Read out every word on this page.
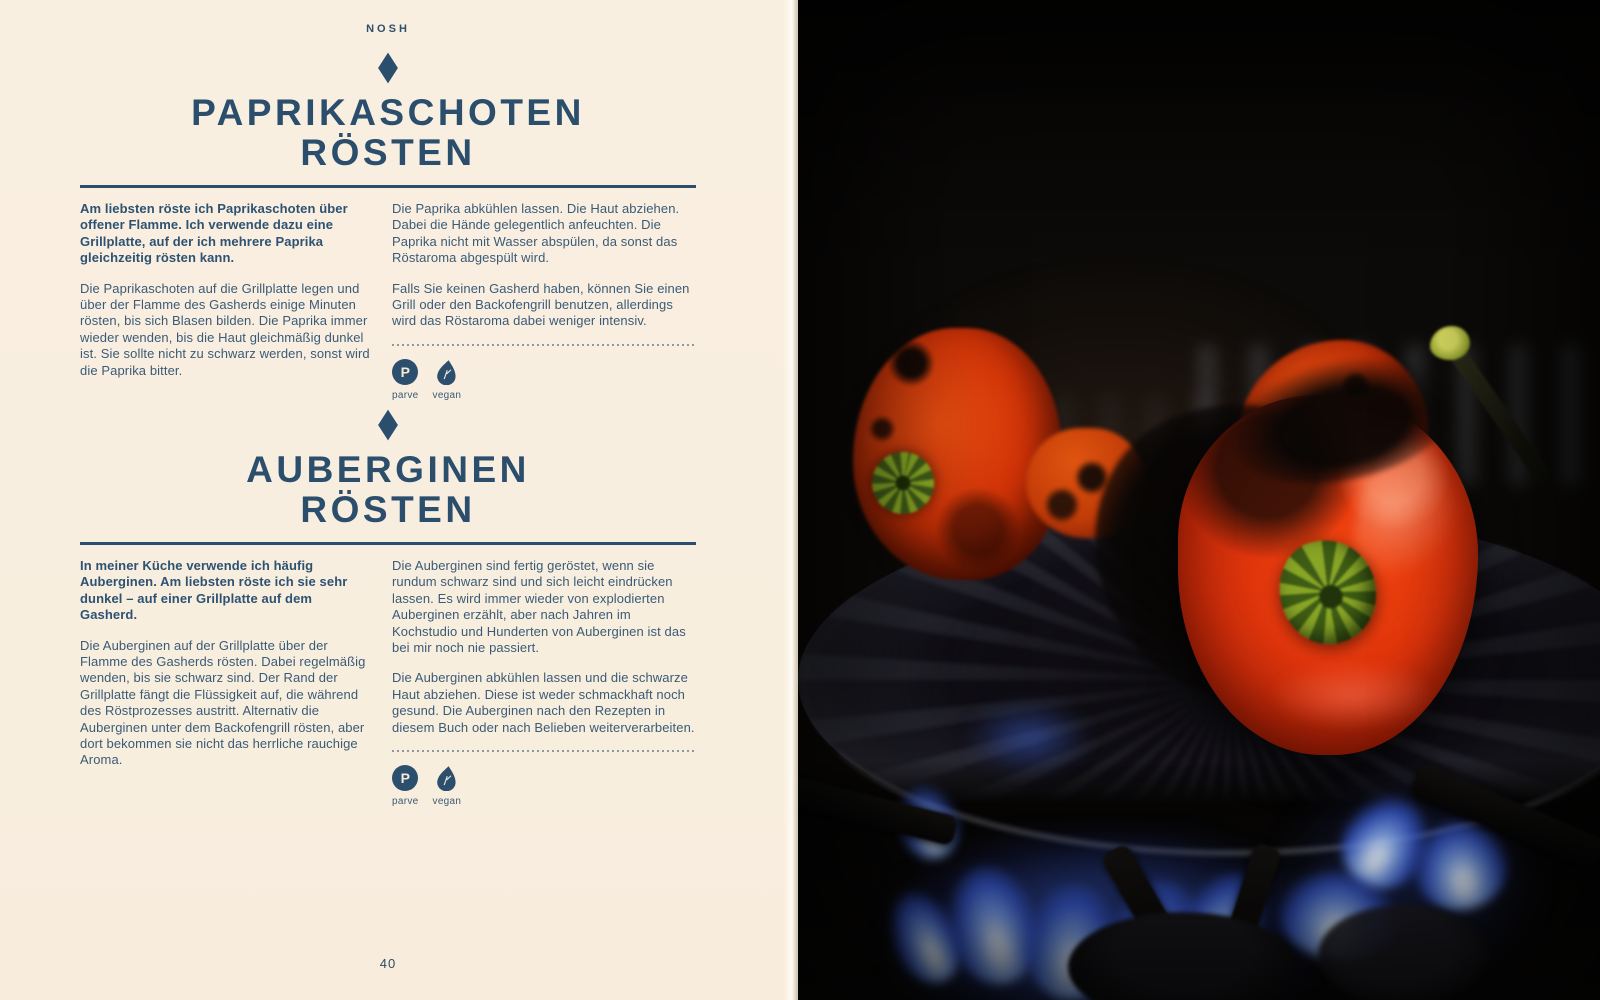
NOSH
PAPRIKASCHOTEN
RÖSTEN

Am liebsten röste ich Paprikaschoten über offener Flamme. Ich verwende dazu eine Grillplatte, auf der ich mehrere Paprika gleichzeitig rösten kann.

Die Paprikaschoten auf die Grillplatte legen und über der Flamme des Gasherds einige Minuten rösten, bis sich Blasen bilden. Die Paprika immer wieder wenden, bis die Haut gleichmäßig dunkel ist. Sie sollte nicht zu schwarz werden, sonst wird die Paprika bitter.

Die Paprika abkühlen lassen. Die Haut abziehen. Dabei die Hände gelegentlich anfeuchten. Die Paprika nicht mit Wasser abspülen, da sonst das Röstaroma abgespült wird.

Falls Sie keinen Gasherd haben, können Sie einen Grill oder den Backofengrill benutzen, allerdings wird das Röstaroma dabei weniger intensiv.

P
parve vegan
AUBERGINEN
RÖSTEN

In meiner Küche verwende ich häufig Auberginen. Am liebsten röste ich sie sehr dunkel – auf einer Grillplatte auf dem Gasherd.

Die Auberginen auf der Grillplatte über der Flamme des Gasherds rösten. Dabei regelmäßig wenden, bis sie schwarz sind. Der Rand der Grillplatte fängt die Flüssigkeit auf, die während des Röstprozesses austritt. Alternativ die Auberginen unter dem Backofengrill rösten, aber dort bekommen sie nicht das herrliche rauchige Aroma.

Die Auberginen sind fertig geröstet, wenn sie rundum schwarz sind und sich leicht eindrücken lassen. Es wird immer wieder von explodierten Auberginen erzählt, aber nach Jahren im Kochstudio und Hunderten von Auberginen ist das bei mir noch nie passiert.

Die Auberginen abkühlen lassen und die schwarze Haut abziehen. Diese ist weder schmackhaft noch gesund. Die Auberginen nach den Rezepten in diesem Buch oder nach Belieben weiterverarbeiten.

P
parve vegan
40
